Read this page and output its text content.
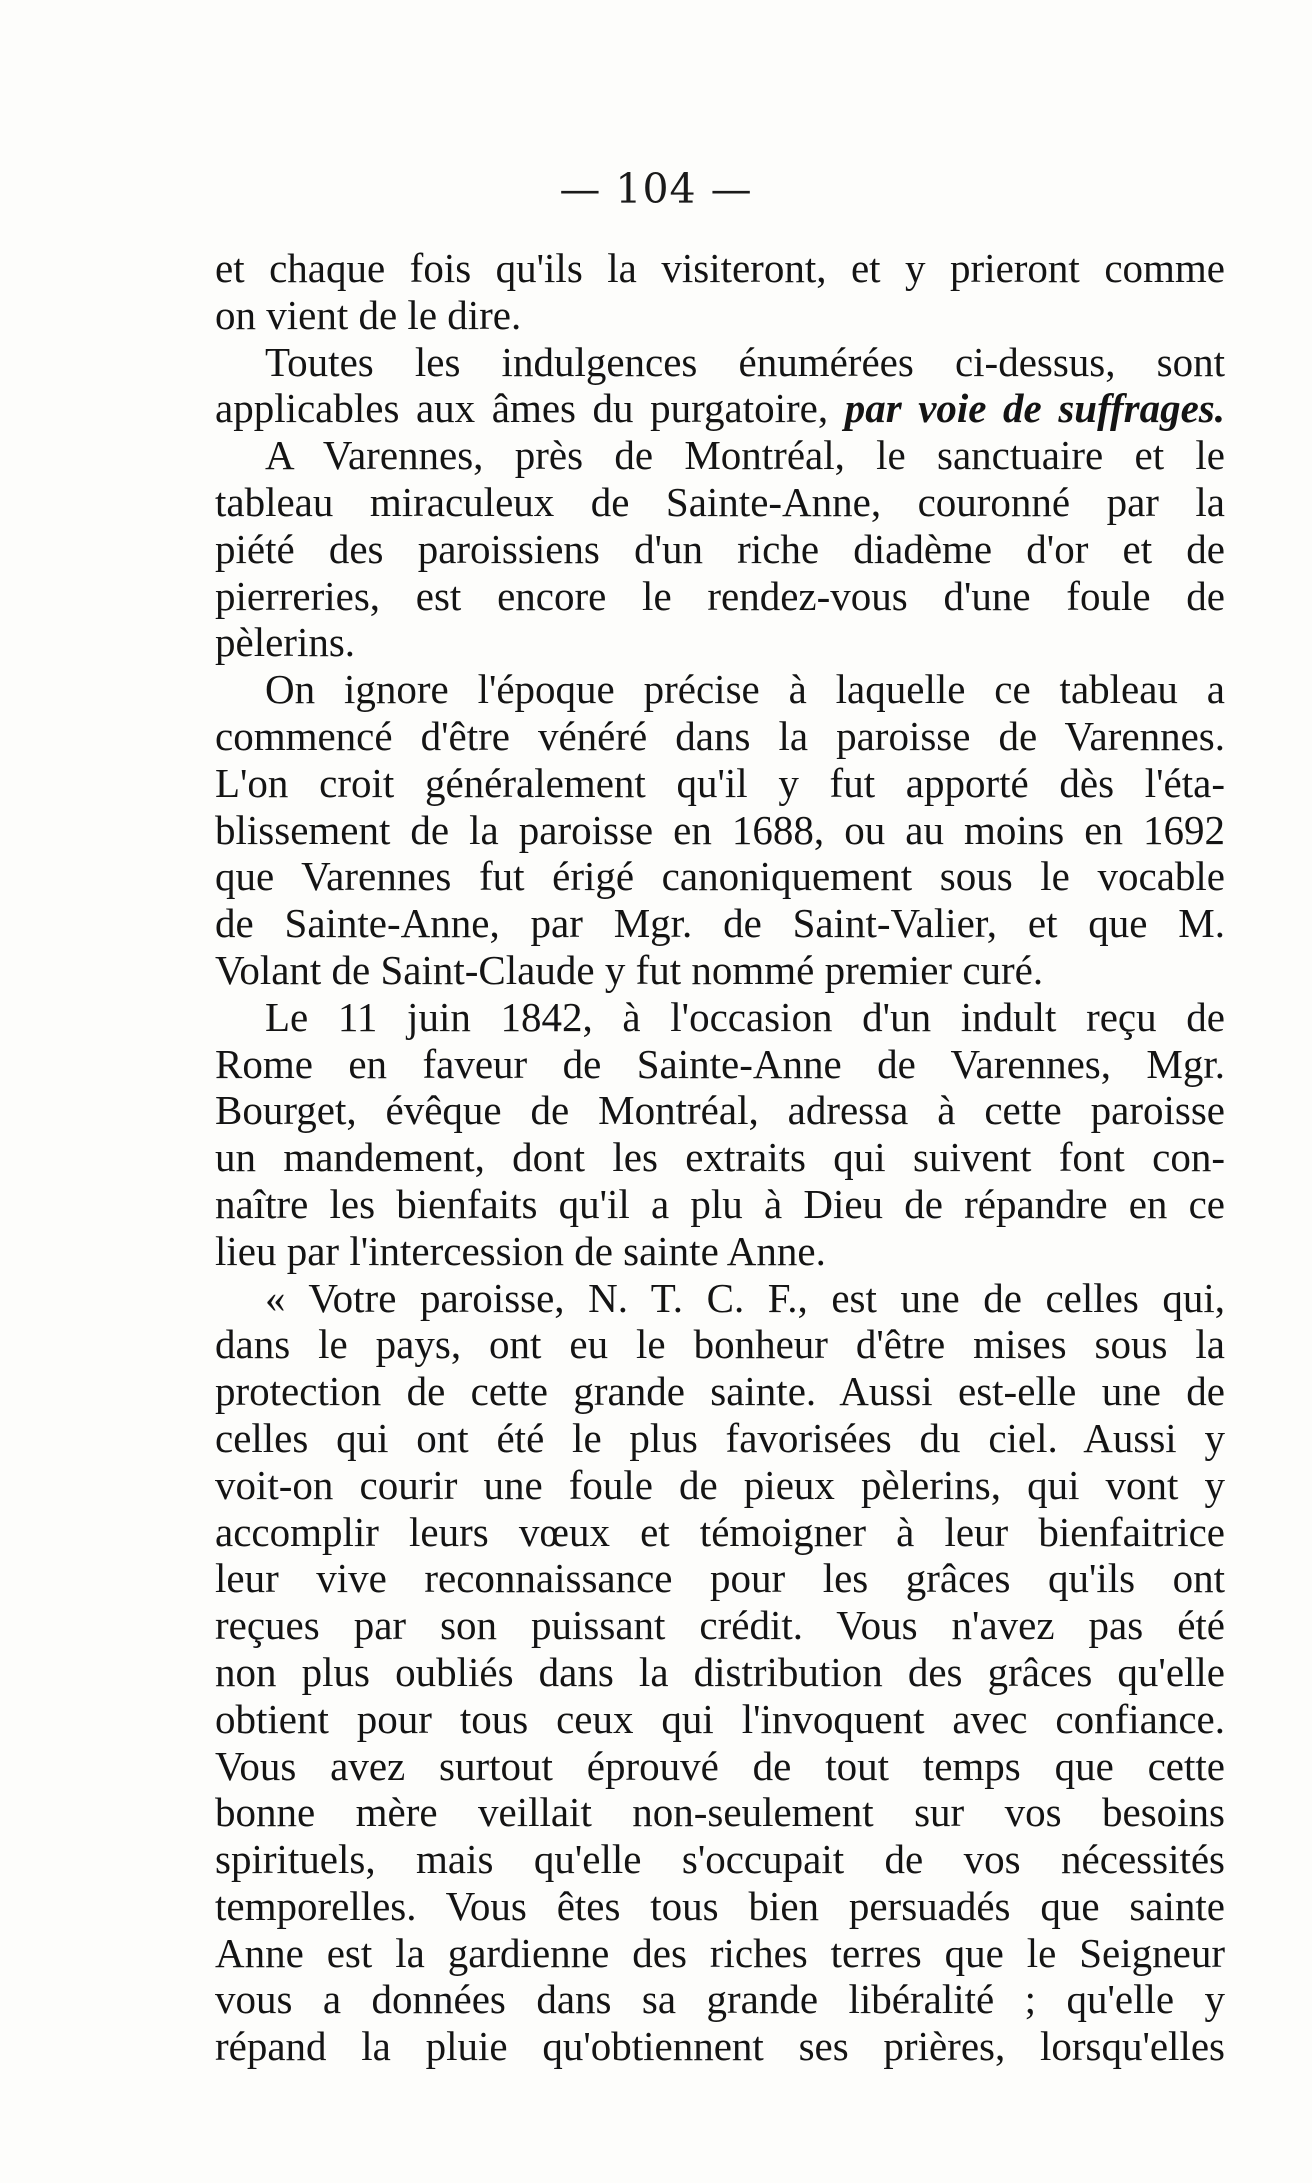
— 104 —
et chaque fois qu'ils la visiteront, et y prieront comme
on vient de le dire.
Toutes les indulgences énumérées ci-dessus, sont
applicables aux âmes du purgatoire, par voie de suffrages.
A Varennes, près de Montréal, le sanctuaire et le
tableau miraculeux de Sainte-Anne, couronné par la
piété des paroissiens d'un riche diadème d'or et de
pierreries, est encore le rendez-vous d'une foule de
pèlerins.
On ignore l'époque précise à laquelle ce tableau a
commencé d'être vénéré dans la paroisse de Varennes.
L'on croit généralement qu'il y fut apporté dès l'éta-
blissement de la paroisse en 1688, ou au moins en 1692
que Varennes fut érigé canoniquement sous le vocable
de Sainte-Anne, par Mgr. de Saint-Valier, et que M.
Volant de Saint-Claude y fut nommé premier curé.
Le 11 juin 1842, à l'occasion d'un indult reçu de
Rome en faveur de Sainte-Anne de Varennes, Mgr.
Bourget, évêque de Montréal, adressa à cette paroisse
un mandement, dont les extraits qui suivent font con-
naître les bienfaits qu'il a plu à Dieu de répandre en ce
lieu par l'intercession de sainte Anne.
« Votre paroisse, N. T. C. F., est une de celles qui,
dans le pays, ont eu le bonheur d'être mises sous la
protection de cette grande sainte. Aussi est-elle une de
celles qui ont été le plus favorisées du ciel. Aussi y
voit-on courir une foule de pieux pèlerins, qui vont y
accomplir leurs vœux et témoigner à leur bienfaitrice
leur vive reconnaissance pour les grâces qu'ils ont
reçues par son puissant crédit. Vous n'avez pas été
non plus oubliés dans la distribution des grâces qu'elle
obtient pour tous ceux qui l'invoquent avec confiance.
Vous avez surtout éprouvé de tout temps que cette
bonne mère veillait non-seulement sur vos besoins
spirituels, mais qu'elle s'occupait de vos nécessités
temporelles. Vous êtes tous bien persuadés que sainte
Anne est la gardienne des riches terres que le Seigneur
vous a données dans sa grande libéralité ; qu'elle y
répand la pluie qu'obtiennent ses prières, lorsqu'elles
